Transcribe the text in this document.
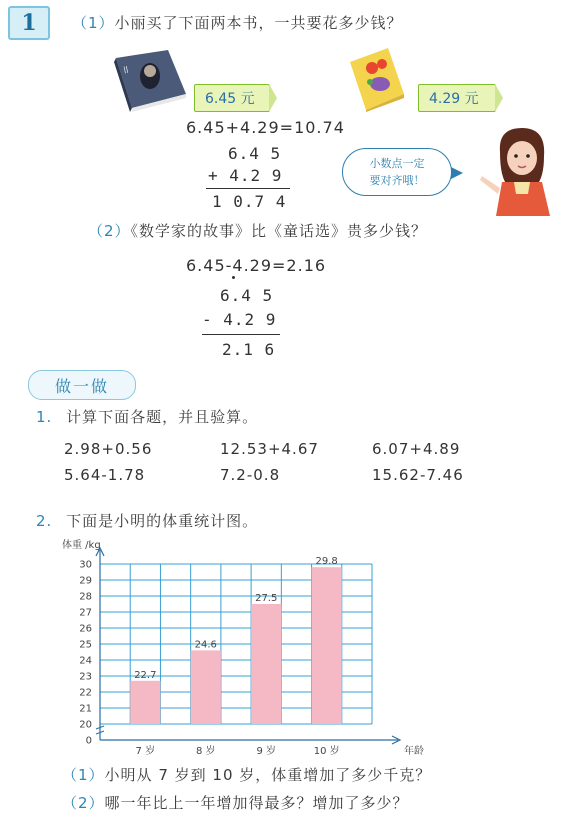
1	（1）小丽买了下面两本书，一共要花多少钱？
||
6.45 元	4.29 元
6.45+4.29=10.74
6.4 5
+ 4.2 9
1 0.7 4
小数点一定
要对齐哦！
（2）《数学家的故事》比《童话选》贵多少钱？
6.45-4.29=2.16
6.4 5
- 4.2 9
2.1 6
做一做
1. 计算下面各题，并且验算。
2.98+0.56	12.53+4.67	6.07+4.89
5.64-1.78	7.2-0.8	15.62-7.46
2. 下面是小明的体重统计图。
体重 /kg
22.7
7 岁
24.6
8 岁
27.5
9 岁
29.8
10 岁
0
20
21
22
23
24
25
26
27
28
29
30
年龄
（1）小明从 7 岁到 10 岁，体重增加了多少千克？
（2）哪一年比上一年增加得最多？增加了多少？
